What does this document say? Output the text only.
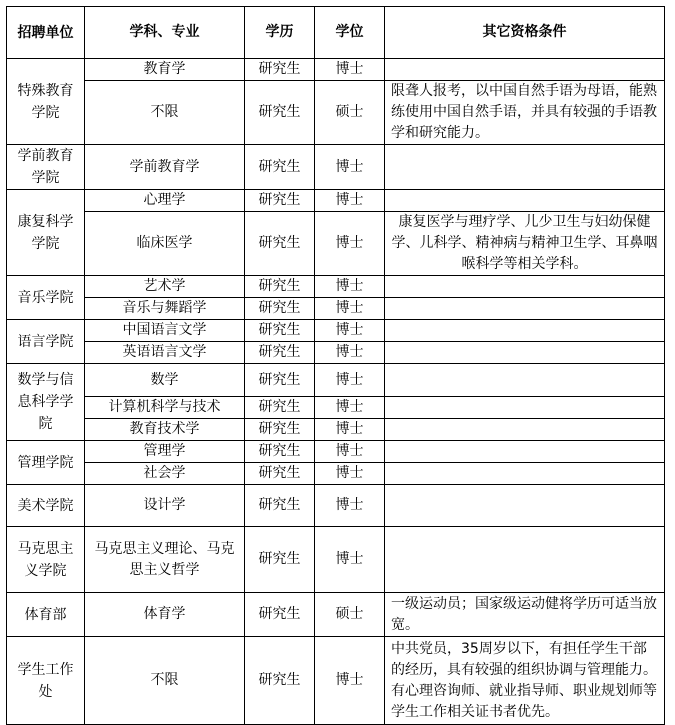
招聘单位	学科、专业	学历	学位	其它资格条件
特殊教育学院	教育学	研究生	博士	
	不限	研究生	硕士	限聋人报考，以中国自然手语为母语，能熟练使用中国自然手语，并具有较强的手语教学和研究能力。
学前教育学院	学前教育学	研究生	博士	
康复科学学院	心理学	研究生	博士	
	临床医学	研究生	博士	康复医学与理疗学、儿少卫生与妇幼保健学、儿科学、精神病与精神卫生学、耳鼻咽喉科学等相关学科。
音乐学院	艺术学	研究生	博士	
	音乐与舞蹈学	研究生	博士	
语言学院	中国语言文学	研究生	博士	
	英语语言文学	研究生	博士	
数学与信息科学学院	数学	研究生	博士	
	计算机科学与技术	研究生	博士	
	教育技术学	研究生	博士	
管理学院	管理学	研究生	博士	
	社会学	研究生	博士	
美术学院	设计学	研究生	博士	
马克思主义学院	马克思主义理论、马克思主义哲学	研究生	博士	
体育部	体育学	研究生	硕士	一级运动员；国家级运动健将学历可适当放宽。
学生工作处	不限	研究生	博士	中共党员，35周岁以下，有担任学生干部的经历，具有较强的组织协调与管理能力。有心理咨询师、就业指导师、职业规划师等学生工作相关证书者优先。
